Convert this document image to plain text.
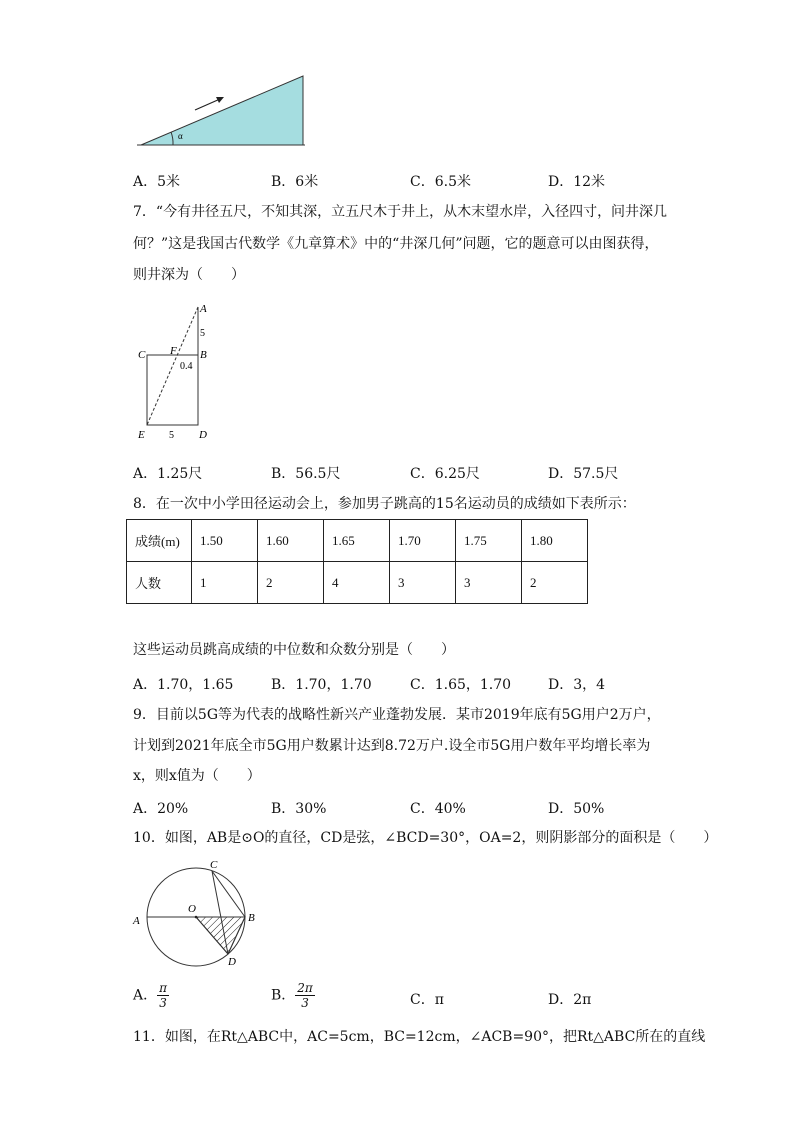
α
A．5米	B．6米	C．6.5米	D．12米
7．“今有井径五尺，不知其深，立五尺木于井上，从木末望水岸，入径四寸，问井深几
何？”这是我国古代数学《九章算术》中的“井深几何”问题，它的题意可以由图获得，
则井深为（　　）
A
5
B
C F
0.4
E 5 D
A．1.25尺	B．56.5尺	C．6.25尺	D．57.5尺
8．在一次中小学田径运动会上，参加男子跳高的15名运动员的成绩如下表所示：
成绩(m)	1.50	1.60	1.65	1.70	1.75	1.80
人数	1	2	4	3	3	2
这些运动员跳高成绩的中位数和众数分别是（　　）
A．1.70，1.65	B．1.70，1.70	C．1.65，1.70	D．3，4
9．目前以5G等为代表的战略性新兴产业蓬勃发展．某市2019年底有5G用户2万户，
计划到2021年底全市5G用户数累计达到8.72万户.设全市5G用户数年平均增长率为
x，则x值为（　　）
A．20%	B．30%	C．40%	D．50%
10．如图，AB是⊙O的直径，CD是弦，∠BCD=30°，OA=2，则阴影部分的面积是（　　）
O
A	B
C
D
A． $\frac{\pi}{3}$	B． $\frac{2\pi}{3}$	C．π	D．2π
11．如图，在Rt△ABC中，AC=5cm，BC=12cm，∠ACB=90°，把Rt△ABC所在的直线
